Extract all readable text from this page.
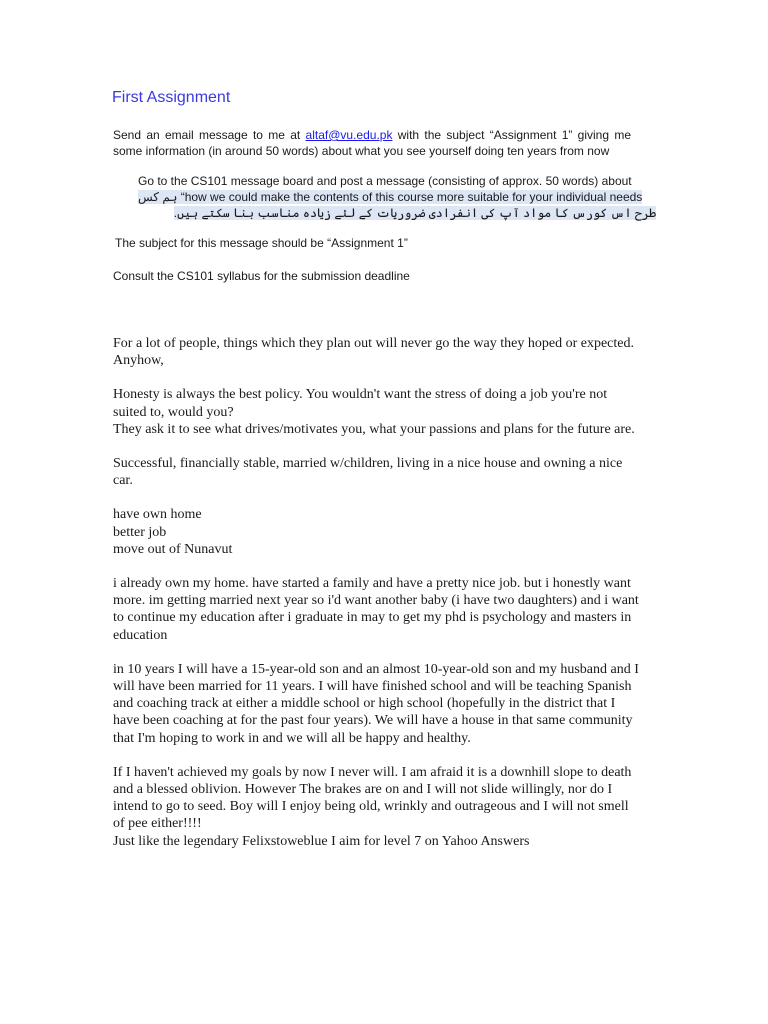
First Assignment

Send an email message to me at altaf@vu.edu.pk with the subject “Assignment 1” giving me some information (in around 50 words) about what you see yourself doing ten years from now

Go to the CS101 message board and post a message (consisting of approx. 50 words) about
ہم کس “how we could make the contents of this course more suitable for your individual needs
طرح اس کورس کا مواد آپ کی انفرادی ضروریات کے لئے زیادہ مناسب بنا سکتے ہیں.

The subject for this message should be “Assignment 1”

Consult the CS101 syllabus for the submission deadline

For a lot of people, things which they plan out will never go the way they hoped or expected. Anyhow,

Honesty is always the best policy. You wouldn't want the stress of doing a job you're not suited to, would you?

They ask it to see what drives/motivates you, what your passions and plans for the future are.

Successful, financially stable, married w/children, living in a nice house and owning a nice car.

have own home

better job

move out of Nunavut

i already own my home. have started a family and have a pretty nice job. but i honestly want more. im getting married next year so i'd want another baby (i have two daughters) and i want to continue my education after i graduate in may to get my phd is psychology and masters in education

in 10 years I will have a 15-year-old son and an almost 10-year-old son and my husband and I will have been married for 11 years. I will have finished school and will be teaching Spanish and coaching track at either a middle school or high school (hopefully in the district that I have been coaching at for the past four years). We will have a house in that same community that I'm hoping to work in and we will all be happy and healthy.

If I haven't achieved my goals by now I never will. I am afraid it is a downhill slope to death and a blessed oblivion. However The brakes are on and I will not slide willingly, nor do I intend to go to seed. Boy will I enjoy being old, wrinkly and outrageous and I will not smell of pee either!!!!

Just like the legendary Felixstoweblue I aim for level 7 on Yahoo Answers
